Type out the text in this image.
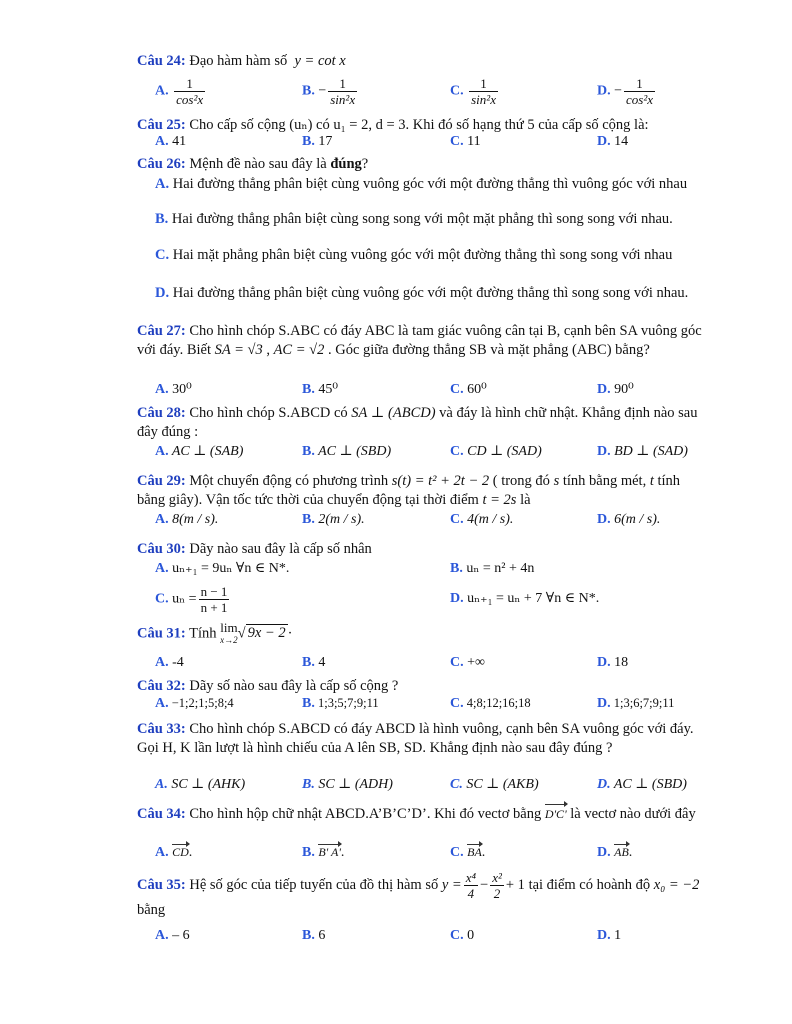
Câu 24: Đạo hàm hàm số y = cot x
A. $\frac{1}{\text{cos²x}}$	B. − $\frac{1}{\text{sin²x}}$	C. $\frac{1}{\text{sin²x}}$	D. − $\frac{1}{\text{cos²x}}$
Câu 25: Cho cấp số cộng (uₙ) có u₁ = 2, d = 3. Khi đó số hạng thứ 5 của cấp số cộng là:
A. 41	B. 17	C. 11	D. 14
Câu 26: Mệnh đề nào sau đây là đúng?
A. Hai đường thẳng phân biệt cùng vuông góc với một đường thẳng thì vuông góc với nhau
B. Hai đường thẳng phân biệt cùng song song với một mặt phẳng thì song song với nhau.
C. Hai mặt phẳng phân biệt cùng vuông góc với một đường thẳng thì song song với nhau
D. Hai đường thẳng phân biệt cùng vuông góc với một đường thẳng thì song song với nhau.
Câu 27: Cho hình chóp S.ABC có đáy ABC là tam giác vuông cân tại B, cạnh bên SA vuông góc với đáy. Biết SA = √3 , AC = √2 . Góc giữa đường thẳng SB và mặt phẳng (ABC) bằng?
A. 30⁰	B. 45⁰	C. 60⁰	D. 90⁰
Câu 28: Cho hình chóp S.ABCD có SA ⊥ (ABCD) và đáy là hình chữ nhật. Khẳng định nào sau đây đúng :
A. AC ⊥ (SAB)	B. AC ⊥ (SBD)	C. CD ⊥ (SAD)	D. BD ⊥ (SAD)
Câu 29: Một chuyển động có phương trình s(t) = t² + 2t − 2 ( trong đó s tính bằng mét, t tính bằng giây). Vận tốc tức thời của chuyển động tại thời điểm t = 2s là
A. 8(m / s).	B. 2(m / s).	C. 4(m / s).	D. 6(m / s).
Câu 30: Dãy nào sau đây là cấp số nhân
A. uₙ₊₁ = 9uₙ ∀n ∈ N*.	B. uₙ = n² + 4n
C. $u_n = \frac{n - 1}{n + 1}$	D. uₙ₊₁ = uₙ + 7 ∀n ∈ N*.
Câu 31: Tính lim
x→2 √ 9x − 2 ·
A. -4	B. 4	C. +∞	D. 18
Câu 32: Dãy số nào sau đây là cấp số cộng ?
A. −1;2;1;5;8;4	B. 1;3;5;7;9;11	C. 4;8;12;16;18	D. 1;3;6;7;9;11
Câu 33: Cho hình chóp S.ABCD có đáy ABCD là hình vuông, cạnh bên SA vuông góc với đáy. Gọi H, K lần lượt là hình chiếu của A lên SB, SD. Khẳng định nào sau đây đúng ?
A. SC ⊥ (AHK)	B. SC ⊥ (ADH)	C. SC ⊥ (AKB)	D. AC ⊥ (SBD)
Câu 34: Cho hình hộp chữ nhật ABCD.A’B’C’D’. Khi đó vectơ bằng D'C' là vectơ nào dưới đây
A. CD.	B. B' A'.	C. BA.	D. AB.
Câu 35: Hệ số góc của tiếp tuyến của đồ thị hàm số $y = \frac{\text{x⁴}}{4} - \frac{\text{x²}}{2} + 1$ tại điểm có hoành độ x₀ = −2 bằng
A. – 6	B. 6	C. 0	D. 1
